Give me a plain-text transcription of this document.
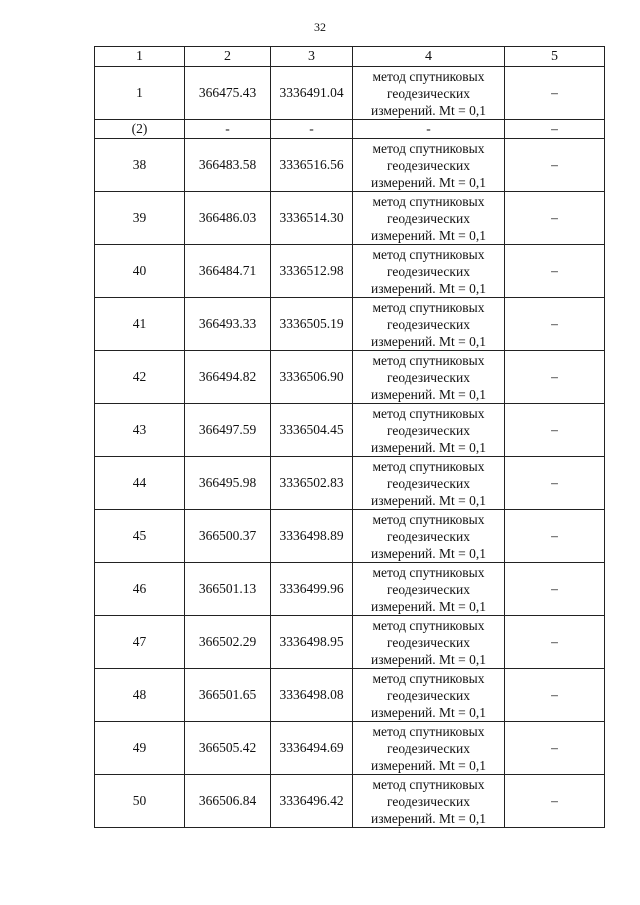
32
1	2	3	4	5
1	366475.43	3336491.04	метод спутниковых
геодезических
измерений. Mt = 0,1	–
(2)	-	-	-	–
38	366483.58	3336516.56	метод спутниковых
геодезических
измерений. Mt = 0,1	–
39	366486.03	3336514.30	метод спутниковых
геодезических
измерений. Mt = 0,1	–
40	366484.71	3336512.98	метод спутниковых
геодезических
измерений. Mt = 0,1	–
41	366493.33	3336505.19	метод спутниковых
геодезических
измерений. Mt = 0,1	–
42	366494.82	3336506.90	метод спутниковых
геодезических
измерений. Mt = 0,1	–
43	366497.59	3336504.45	метод спутниковых
геодезических
измерений. Mt = 0,1	–
44	366495.98	3336502.83	метод спутниковых
геодезических
измерений. Mt = 0,1	–
45	366500.37	3336498.89	метод спутниковых
геодезических
измерений. Mt = 0,1	–
46	366501.13	3336499.96	метод спутниковых
геодезических
измерений. Mt = 0,1	–
47	366502.29	3336498.95	метод спутниковых
геодезических
измерений. Mt = 0,1	–
48	366501.65	3336498.08	метод спутниковых
геодезических
измерений. Mt = 0,1	–
49	366505.42	3336494.69	метод спутниковых
геодезических
измерений. Mt = 0,1	–
50	366506.84	3336496.42	метод спутниковых
геодезических
измерений. Mt = 0,1	–
